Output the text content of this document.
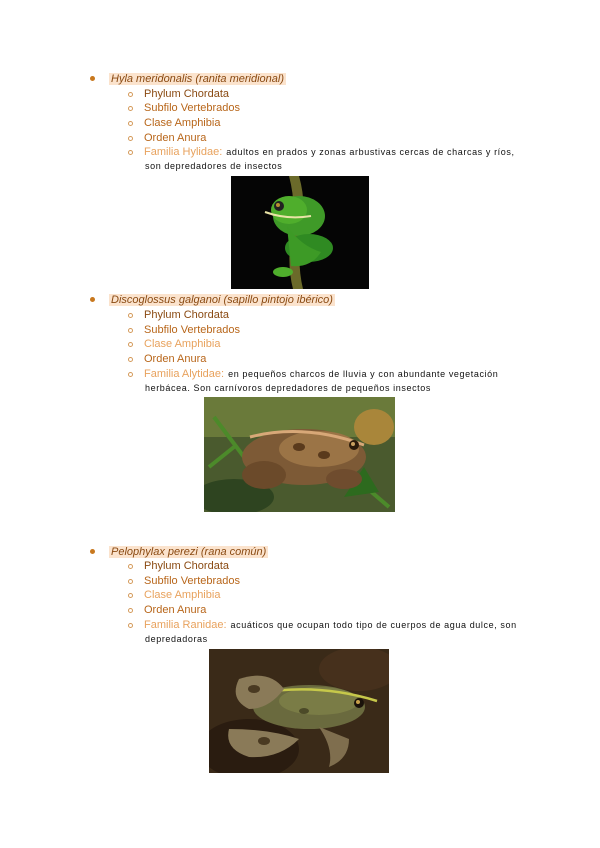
Hyla meridonalis (ranita meridional)
Phylum Chordata
Subfilo Vertebrados
Clase Amphibia
Orden Anura
Familia Hylidae: adultos en prados y zonas arbustivas cercas de charcas y ríos,
son depredadores de insectos
Discoglossus galganoi (sapillo pintojo ibérico)
Phylum Chordata
Subfilo Vertebrados
Clase Amphibia
Orden Anura
Familia Alytidae: en pequeños charcos de lluvia y con abundante vegetación
herbácea. Son carnívoros depredadores de pequeños insectos
Pelophylax perezi (rana común)
Phylum Chordata
Subfilo Vertebrados
Clase Amphibia
Orden Anura
Familia Ranidae: acuáticos que ocupan todo tipo de cuerpos de agua dulce, son
depredadoras
